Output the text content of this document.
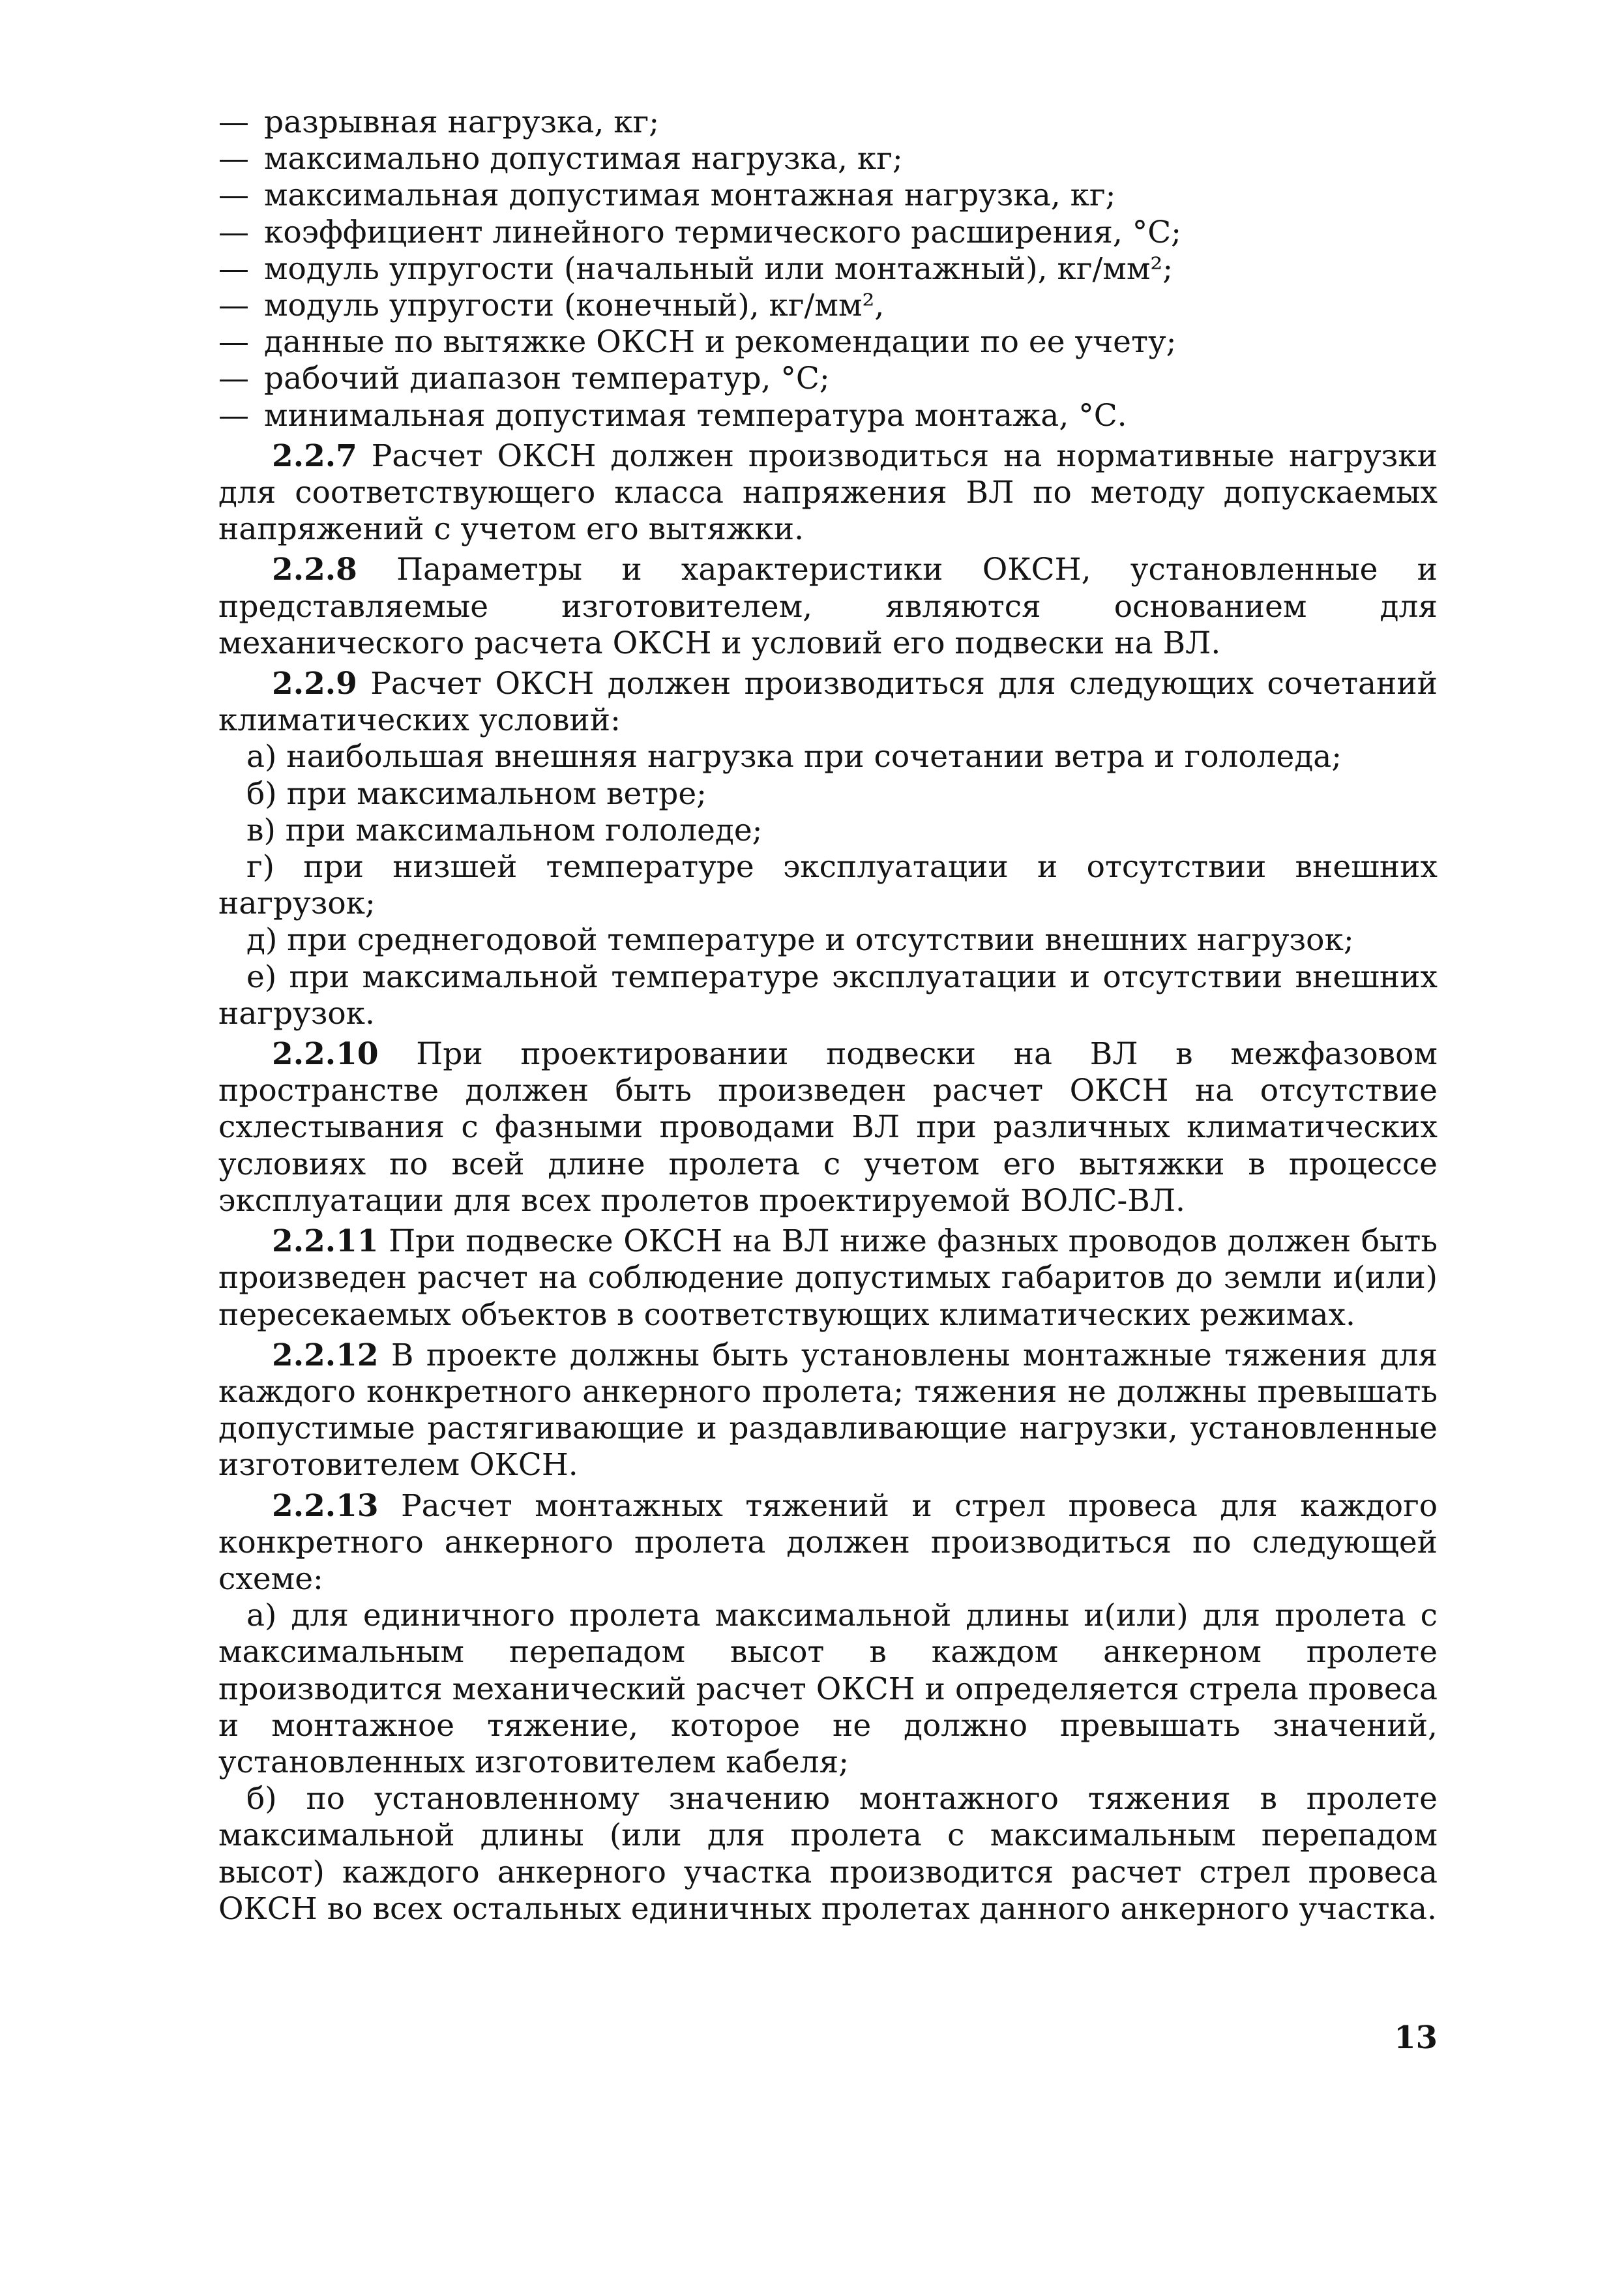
— разрывная нагрузка, кг;
— максимально допустимая нагрузка, кг;
— максимальная допустимая монтажная нагрузка, кг;
— коэффициент линейного термического расширения, °С;
— модуль упругости (начальный или монтажный), кг/мм²;
— модуль упругости (конечный), кг/мм²,
— данные по вытяжке ОКСН и рекомендации по ее учету;
— рабочий диапазон температур, °С;
— минимальная допустимая температура монтажа, °С.

2.2.7 Расчет ОКСН должен производиться на нормативные нагрузки для соответствующего класса напряжения ВЛ по методу допускаемых напряжений с учетом его вытяжки.

2.2.8 Параметры и характеристики ОКСН, установленные и представляемые изготовителем, являются основанием для механического расчета ОКСН и условий его подвески на ВЛ.

2.2.9 Расчет ОКСН должен производиться для следующих сочетаний климатических условий:

а) наибольшая внешняя нагрузка при сочетании ветра и гололеда;
б) при максимальном ветре;
в) при максимальном гололеде;
г) при низшей температуре эксплуатации и отсутствии внешних нагрузок;
д) при среднегодовой температуре и отсутствии внешних нагрузок;
е) при максимальной температуре эксплуатации и отсутствии внешних нагрузок.

2.2.10 При проектировании подвески на ВЛ в межфазовом пространстве должен быть произведен расчет ОКСН на отсутствие схлестывания с фазными проводами ВЛ при различных климатических условиях по всей длине пролета с учетом его вытяжки в процессе эксплуатации для всех пролетов проектируемой ВОЛС-ВЛ.

2.2.11 При подвеске ОКСН на ВЛ ниже фазных проводов должен быть произведен расчет на соблюдение допустимых габаритов до земли и(или) пересекаемых объектов в соответствующих климатических режимах.

2.2.12 В проекте должны быть установлены монтажные тяжения для каждого конкретного анкерного пролета; тяжения не должны превышать допустимые растягивающие и раздавливающие нагрузки, установленные изготовителем ОКСН.

2.2.13 Расчет монтажных тяжений и стрел провеса для каждого конкретного анкерного пролета должен производиться по следующей схеме:

а) для единичного пролета максимальной длины и(или) для пролета с максимальным перепадом высот в каждом анкерном пролете производится механический расчет ОКСН и определяется стрела провеса и монтажное тяжение, которое не должно превышать значений, установленных изготовителем кабеля;
б) по установленному значению монтажного тяжения в пролете максимальной длины (или для пролета с максимальным перепадом высот) каждого анкерного участка производится расчет стрел провеса ОКСН во всех остальных единичных пролетах данного анкерного участка.
13
